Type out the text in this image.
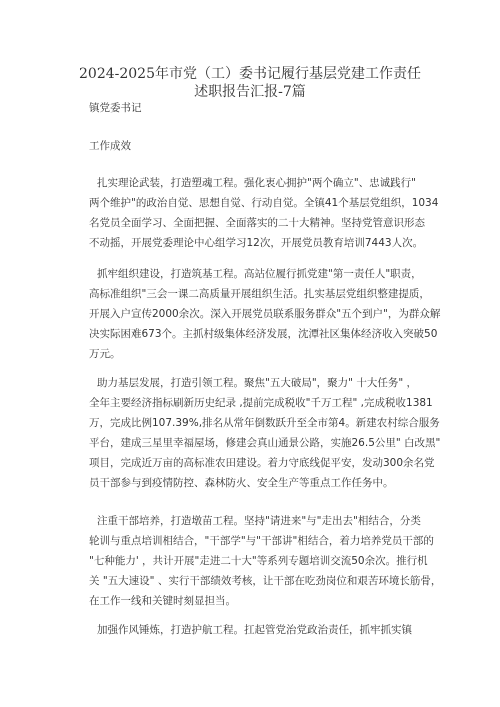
2024-2025年市党（工）委书记履行基层党建工作责任
述职报告汇报-7篇

镇党委书记

工作成效

扎实理论武装，打造塑魂工程。强化衷心拥护"两个确立"、忠诚践行"

两个维护"的政治自觉、思想自觉、行动自觉。全镇41个基层党组织，1034

名党员全面学习、全面把握、全面落实的二十大精神。坚持党管意识形态

不动摇，开展党委理论中心组学习12次，开展党员教育培训7443人次。

抓牢组织建设，打造筑基工程。高站位履行抓党建"第一责任人"职责，

高标准组织"三会一课二高质量开展组织生活。扎实基层党组织整建提质，

开展入户宣传2000余次。深入开展党员联系服务群众"五个到户"，为群众解

决实际困难673个。主抓村级集体经济发展，沈潭社区集体经济收入突破50

万元。

助力基层发展，打造引领工程。聚焦"五大破局"，聚力" 十大任务" ，

全年主要经济指标刷新历史纪录 ,提前完成税收"千万工程" ,完成税收1381

万，完成比例107.39%,排名从常年倒数跃升至全市第4。新建农村综合服务

平台，建成三星里幸福屋场，修建会真山通景公路，实施26.5公里" 白改黑"

项目，完成近万亩的高标准农田建设。着力守底线促平安，发动300余名党

员干部参与到疫情防控、森林防火、安全生产等重点工作任务中。

注重干部培养，打造墩苗工程。坚持"请进来"与"走出去"相结合，分类

轮训与重点培训相结合，"干部学"与"干部讲"相结合，着力培养党员干部的

"七种能力' ，共计开展"走进二十大"等系列专题培训交流50余次。推行机

关 "五大速设" 、实行干部绩效考核，让干部在吃劲岗位和艰苦环境长筋骨，

在工作一线和关键时刻显担当。

加强作风锤炼，打造护航工程。扛起管党治党政治责任，抓牢抓实镇
